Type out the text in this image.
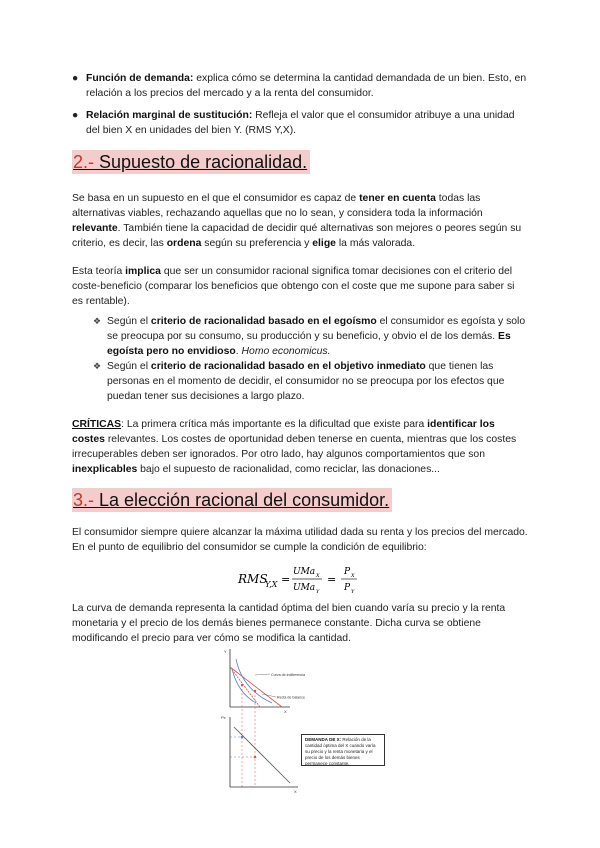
● Función de demanda: explica cómo se determina la cantidad demandada de un bien. Esto, en relación a los precios del mercado y a la renta del consumidor.
● Relación marginal de sustitución: Refleja el valor que el consumidor atribuye a una unidad del bien X en unidades del bien Y. (RMS Y,X).
2.- Supuesto de racionalidad.

Se basa en un supuesto en el que el consumidor es capaz de tener en cuenta todas las alternativas viables, rechazando aquellas que no lo sean, y considera toda la información relevante. También tiene la capacidad de decidir qué alternativas son mejores o peores según su criterio, es decir, las ordena según su preferencia y elige la más valorada.

Esta teoría implica que ser un consumidor racional significa tomar decisiones con el criterio del coste-beneficio (comparar los beneficios que obtengo con el coste que me supone para saber si es rentable).

❖ Según el criterio de racionalidad basado en el egoísmo el consumidor es egoísta y solo se preocupa por su consumo, su producción y su beneficio, y obvio el de los demás. Es egoísta pero no envidioso. Homo economicus.
❖ Según el criterio de racionalidad basado en el objetivo inmediato que tienen las personas en el momento de decidir, el consumidor no se preocupa por los efectos que puedan tener sus decisiones a largo plazo.

CRÍTICAS: La primera crítica más importante es la dificultad que existe para identificar los costes relevantes. Los costes de oportunidad deben tenerse en cuenta, mientras que los costes irrecuperables deben ser ignorados. Por otro lado, hay algunos comportamientos que son inexplicables bajo el supuesto de racionalidad, como reciclar, las donaciones...

3.- La elección racional del consumidor.

El consumidor siempre quiere alcanzar la máxima utilidad dada su renta y los precios del mercado. En el punto de equilibrio del consumidor se cumple la condición de equilibrio:

RMS
Y,X =
UMa X
UMa Y
=
P X
P Y

La curva de demanda representa la cantidad óptima del bien cuando varía su precio y la renta monetaria y el precio de los demás bienes permanece constante. Dicha curva se obtiene modificando el precio para ver cómo se modifica la cantidad.

Y
X
Curva de indiferencia
Recta de balance
Px
X
DEMANDA DE X: Relación de la cantidad óptima del X cuando varía su precio y la renta monetaria y el precio de los demás bienes permanece constante.
